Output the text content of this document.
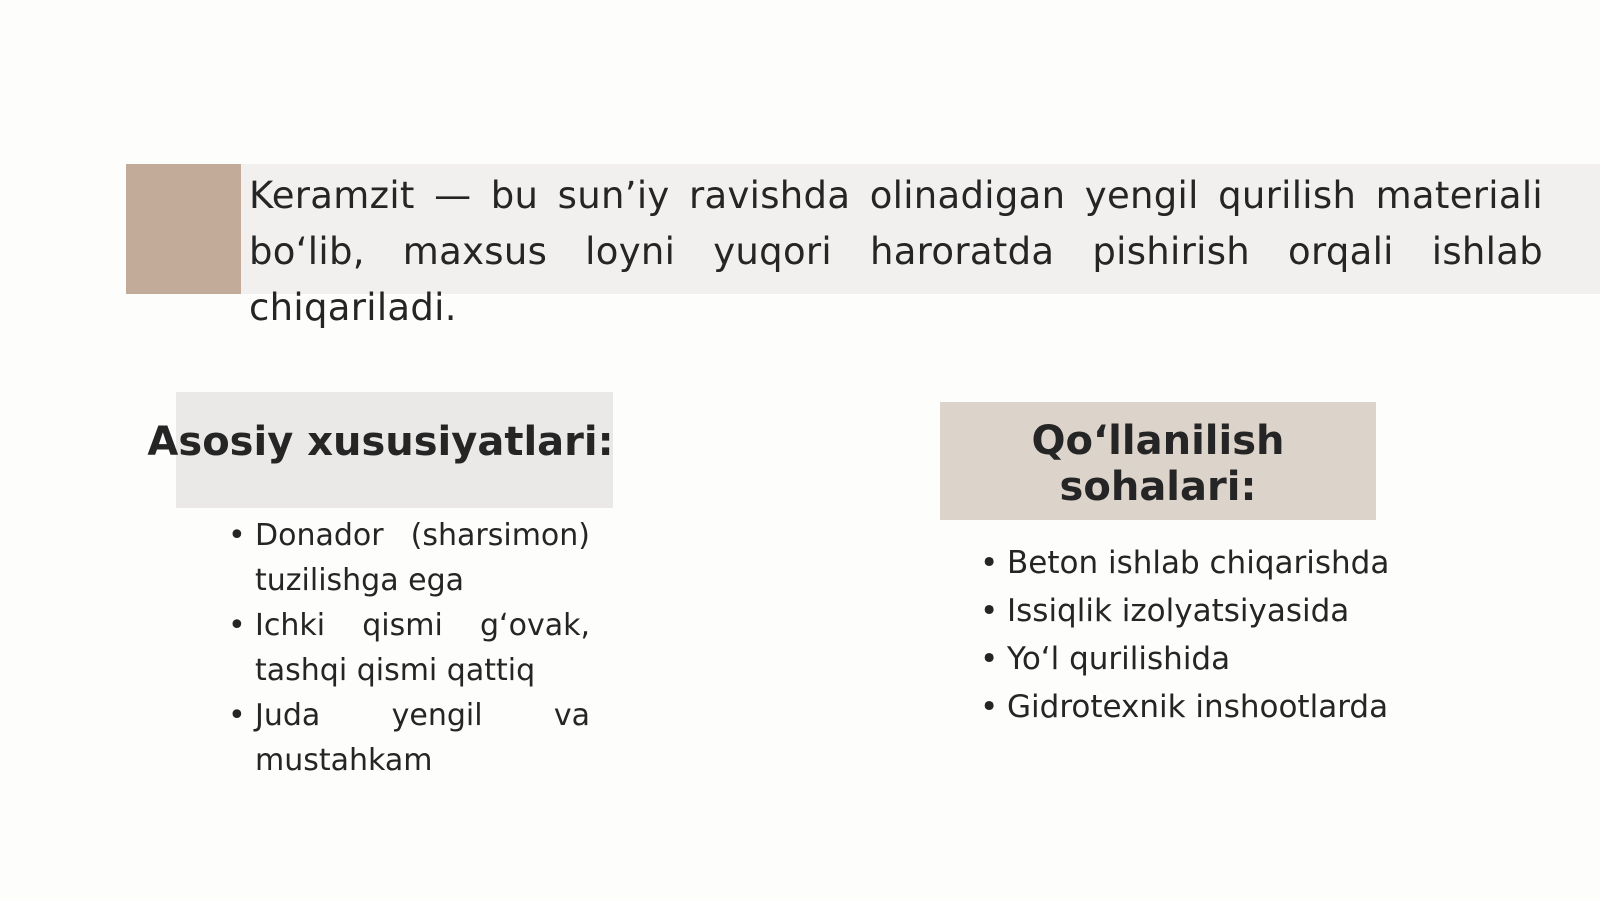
Keramzit — bu sun’iy ravishda olinadigan yengil qurilish materiali bo‘lib, maxsus loyni yuqori haroratda pishirish orqali ishlab chiqariladi.

Asosiy xususiyatlari:
• Donador (sharsimon) tuzilishga ega
• Ichki qismi g‘ovak, tashqi qismi qattiq
• Juda yengil va mustahkam
Qo‘llanilish sohalari:
• Beton ishlab chiqarishda
• Issiqlik izolyatsiyasida
• Yo‘l qurilishida
• Gidrotexnik inshootlarda
